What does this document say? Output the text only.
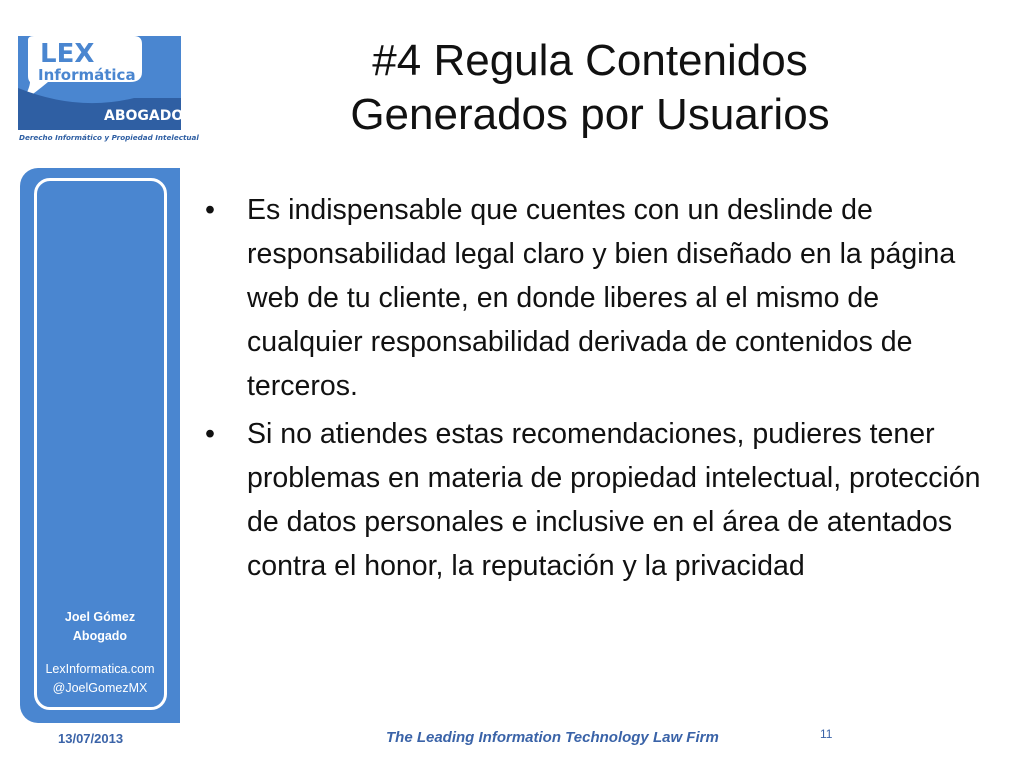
LEX
Informática
ABOGADOS
Derecho Informático y Propiedad Intelectual
Joel Gómez
Abogado
LexInformatica.com
@JoelGomezMX
#4 Regula Contenidos
Generados por Usuarios
• Es indispensable que cuentes con un deslinde de responsabilidad legal claro y bien diseñado en la página web de tu cliente, en donde liberes al el mismo de cualquier responsabilidad derivada de contenidos de terceros.
• Si no atiendes estas recomendaciones, pudieres tener problemas en materia de propiedad intelectual, protección de datos personales e inclusive en el área de atentados contra el honor, la reputación y la privacidad
13/07/2013	The Leading Information Technology Law Firm	11
